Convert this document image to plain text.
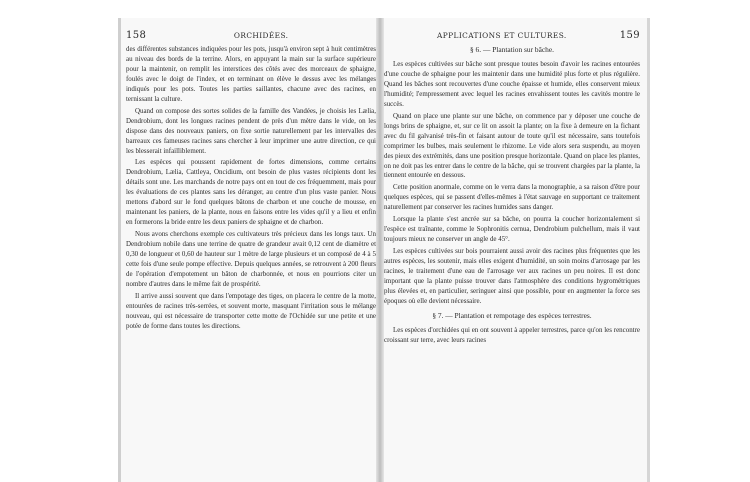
158	ORCHIDÉES.

des différentes substances indiquées pour les pots, jusqu'à environ sept à huit centimètres au niveau des bords de la terrine. Alors, en appuyant la main sur la surface supérieure pour la maintenir, on remplit les interstices des côtés avec des morceaux de sphaigne, foulés avec le doigt de l'index, et en terminant on élève le dessus avec les mélanges indiqués pour les pots. Toutes les parties saillantes, chacune avec des racines, en ternissant la culture.

Quand on compose des sortes solides de la famille des Vandées, je choisis les Lælia, Dendrobium, dont les longues racines pendent de près d'un mètre dans le vide, on les dispose dans des nouveaux paniers, on fixe sortie naturellement par les intervalles des barreaux ces fameuses racines sans chercher à leur imprimer une autre direction, ce qui les blesserait infailliblement.

Les espèces qui poussent rapidement de fortes dimensions, comme certains Dendrobium, Lælia, Cattleya, Oncidium, ont besoin de plus vastes récipients dont les détails sont une. Les marchands de notre pays ont en tout de ces fréquemment, mais pour les évaluations de ces plantes sans les déranger, au centre d'un plus vaste panier. Nous mettons d'abord sur le fond quelques bâtons de charbon et une couche de mousse, en maintenant les paniers, de la plante, nous en faisons entre les vides qu'il y a lieu et enfin en formerons la bride entre les deux paniers de sphaigne et de charbon.

Nous avons cherchons exemple ces cultivateurs très précieux dans les longs taux. Un Dendrobium nobile dans une terrine de quatre de grandeur avait 0,12 cent de diamètre et 0,30 de longueur et 0,60 de hauteur sur 1 mètre de large plusieurs et un composé de 4 à 5 cette fois d'une seule pompe effective. Depuis quelques années, se retrouvent à 200 fleurs de l'opération d'empotement un bâton de charbonnée, et nous en pourrions citer un nombre d'autres dans le même fait de prospérité.

Il arrive aussi souvent que dans l'empotage des tiges, on placera le centre de la motte, entourées de racines très-serrées, et souvent morte, masquant l'irritation sous le mélange nouveau, qui est nécessaire de transporter cette motte de l'Ochidée sur une petite et une potée de forme dans toutes les directions.

APPLICATIONS ET CULTURES.	159
§ 6. — Plantation sur bâche.

Les espèces cultivées sur bâche sont presque toutes besoin d'avoir les racines entourées d'une couche de sphaigne pour les maintenir dans une humidité plus forte et plus régulière. Quand les bâches sont recouvertes d'une couche épaisse et humide, elles conservent mieux l'humidité; l'empressement avec lequel les racines envahissent toutes les cavités montre le succès.

Quand on place une plante sur une bâche, on commence par y déposer une couche de longs brins de sphaigne, et, sur ce lit on assoit la plante; on la fixe à demeure en la fichant avec du fil galvanisé très-fin et faisant autour de toute qu'il est nécessaire, sans toutefois comprimer les bulbes, mais seulement le rhizome. Le vide alors sera suspendu, au moyen des pieux des extrémités, dans une position presque horizontale. Quand on place les plantes, on ne doit pas les entrer dans le centre de la bâche, qui se trouvent chargées par la plante, la tiennent entourée en dessous.

Cette position anormale, comme on le verra dans la monographie, a sa raison d'être pour quelques espèces, qui se passent d'elles-mêmes à l'état sauvage en supportant ce traitement naturellement par conserver les racines humides sans danger.

Lorsque la plante s'est ancrée sur sa bâche, on pourra la coucher horizontalement si l'espèce est traînante, comme le Sophronitis cernua, Dendrobium pulchellum, mais il vaut toujours mieux ne conserver un angle de 45°.

Les espèces cultivées sur bois pourraient aussi avoir des racines plus fréquentes que les autres espèces, les soutenir, mais elles exigent d'humidité, un soin moins d'arrosage par les racines, le traitement d'une eau de l'arrosage ver aux racines un peu noires. Il est donc important que la plante puisse trouver dans l'atmosphère des conditions hygrométriques plus élevées et, en particulier, seringuer ainsi que possible, pour en augmenter la force ses époques où elle devient nécessaire.

§ 7. — Plantation et rempotage des espèces terrestres.

Les espèces d'orchidées qui en ont souvent à appeler terrestres, parce qu'on les rencontre croissant sur terre, avec leurs racines
